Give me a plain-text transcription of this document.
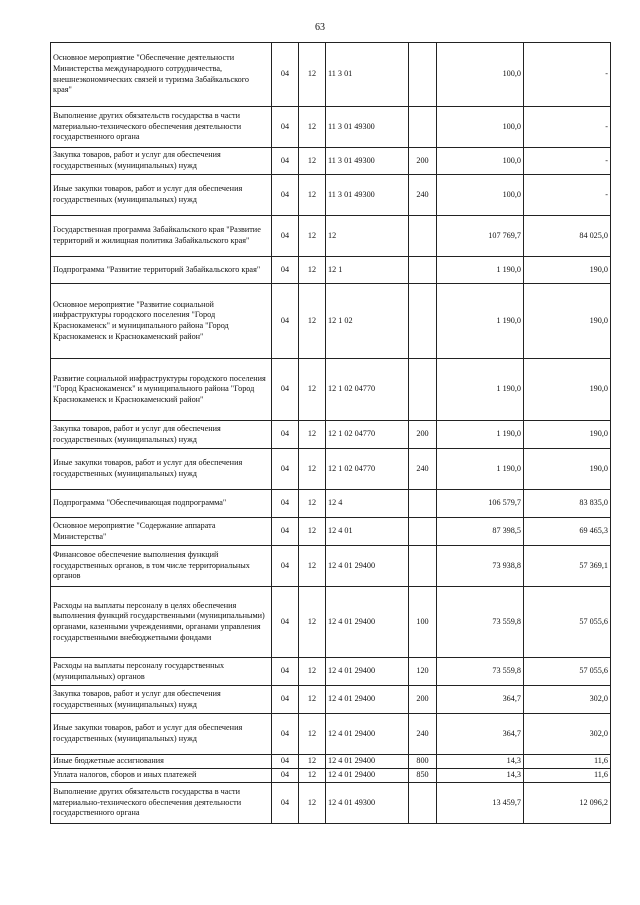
63
Основное мероприятие "Обеспечение деятельности Министерства международного сотрудничества, внешнеэкономических связей и туризма Забайкальского края"	04	12	11 3 01		100,0	-
Выполнение других обязательств государства в части материально-технического обеспечения деятельности государственного органа	04	12	11 3 01 49300		100,0	-
Закупка товаров, работ и услуг для обеспечения государственных (муниципальных) нужд	04	12	11 3 01 49300	200	100,0	-
Иные закупки товаров, работ и услуг для обеспечения государственных (муниципальных) нужд	04	12	11 3 01 49300	240	100,0	-
Государственная программа Забайкальского края "Развитие территорий и жилищная политика Забайкальского края"	04	12	12		107 769,7	84 025,0
Подпрограмма "Развитие территорий Забайкальского края"	04	12	12 1		1 190,0	190,0
Основное мероприятие "Развитие социальной инфраструктуры городского поселения "Город Краснокаменск" и муниципального района "Город Краснокаменск и Краснокаменский район"	04	12	12 1 02		1 190,0	190,0
Развитие социальной инфраструктуры городского поселения "Город Краснокаменск" и муниципального района "Город Краснокаменск и Краснокаменский район"	04	12	12 1 02 04770		1 190,0	190,0
Закупка товаров, работ и услуг для обеспечения государственных (муниципальных) нужд	04	12	12 1 02 04770	200	1 190,0	190,0
Иные закупки товаров, работ и услуг для обеспечения государственных (муниципальных) нужд	04	12	12 1 02 04770	240	1 190,0	190,0
Подпрограмма "Обеспечивающая подпрограмма"	04	12	12 4		106 579,7	83 835,0
Основное мероприятие "Содержание аппарата Министерства"	04	12	12 4 01		87 398,5	69 465,3
Финансовое обеспечение выполнения функций государственных органов, в том числе территориальных органов	04	12	12 4 01 29400		73 938,8	57 369,1
Расходы на выплаты персоналу в целях обеспечения выполнения функций государственными (муниципальными) органами, казенными учреждениями, органами управления государственными внебюджетными фондами	04	12	12 4 01 29400	100	73 559,8	57 055,6
Расходы на выплаты персоналу государственных (муниципальных) органов	04	12	12 4 01 29400	120	73 559,8	57 055,6
Закупка товаров, работ и услуг для обеспечения государственных (муниципальных) нужд	04	12	12 4 01 29400	200	364,7	302,0
Иные закупки товаров, работ и услуг для обеспечения государственных (муниципальных) нужд	04	12	12 4 01 29400	240	364,7	302,0
Иные бюджетные ассигнования	04	12	12 4 01 29400	800	14,3	11,6
Уплата налогов, сборов и иных платежей	04	12	12 4 01 29400	850	14,3	11,6
Выполнение других обязательств государства в части материально-технического обеспечения деятельности государственного органа	04	12	12 4 01 49300		13 459,7	12 096,2
